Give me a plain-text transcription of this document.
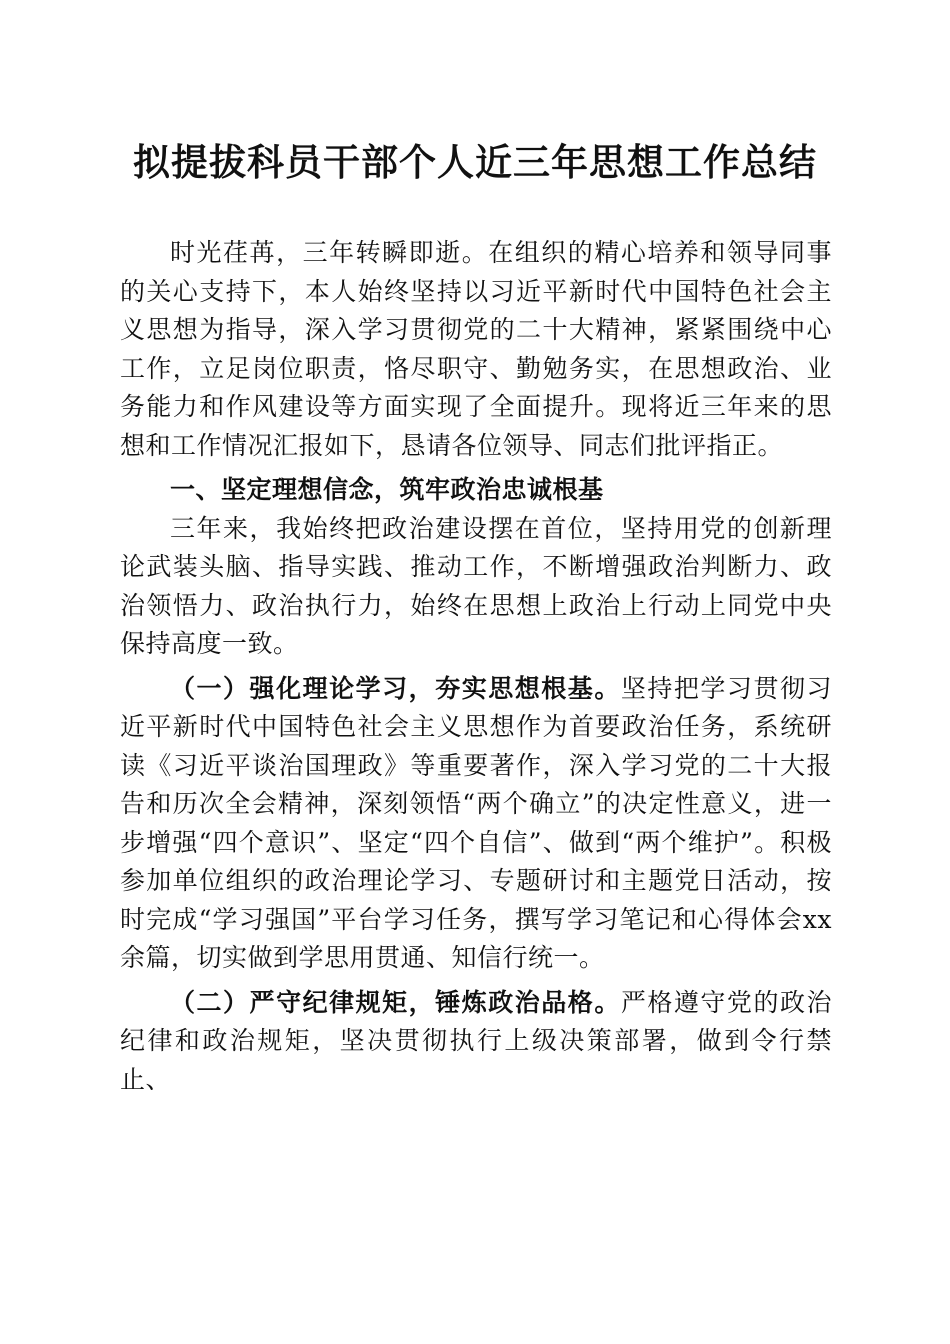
拟提拔科员干部个人近三年思想工作总结

时光荏苒，三年转瞬即逝。在组织的精心培养和领导同事的关心支持下，本人始终坚持以习近平新时代中国特色社会主义思想为指导，深入学习贯彻党的二十大精神，紧紧围绕中心工作，立足岗位职责，恪尽职守、勤勉务实，在思想政治、业务能力和作风建设等方面实现了全面提升。现将近三年来的思想和工作情况汇报如下，恳请各位领导、同志们批评指正。

一、坚定理想信念，筑牢政治忠诚根基

三年来，我始终把政治建设摆在首位，坚持用党的创新理论武装头脑、指导实践、推动工作，不断增强政治判断力、政治领悟力、政治执行力，始终在思想上政治上行动上同党中央保持高度一致。

（一）强化理论学习，夯实思想根基。坚持把学习贯彻习近平新时代中国特色社会主义思想作为首要政治任务，系统研读《习近平谈治国理政》等重要著作，深入学习党的二十大报告和历次全会精神，深刻领悟“两个确立”的决定性意义，进一步增强“四个意识”、坚定“四个自信”、做到“两个维护”。积极参加单位组织的政治理论学习、专题研讨和主题党日活动，按时完成“学习强国”平台学习任务，撰写学习笔记和心得体会xx余篇，切实做到学思用贯通、知信行统一。

（二）严守纪律规矩，锤炼政治品格。严格遵守党的政治纪律和政治规矩，坚决贯彻执行上级决策部署，做到令行禁止、
